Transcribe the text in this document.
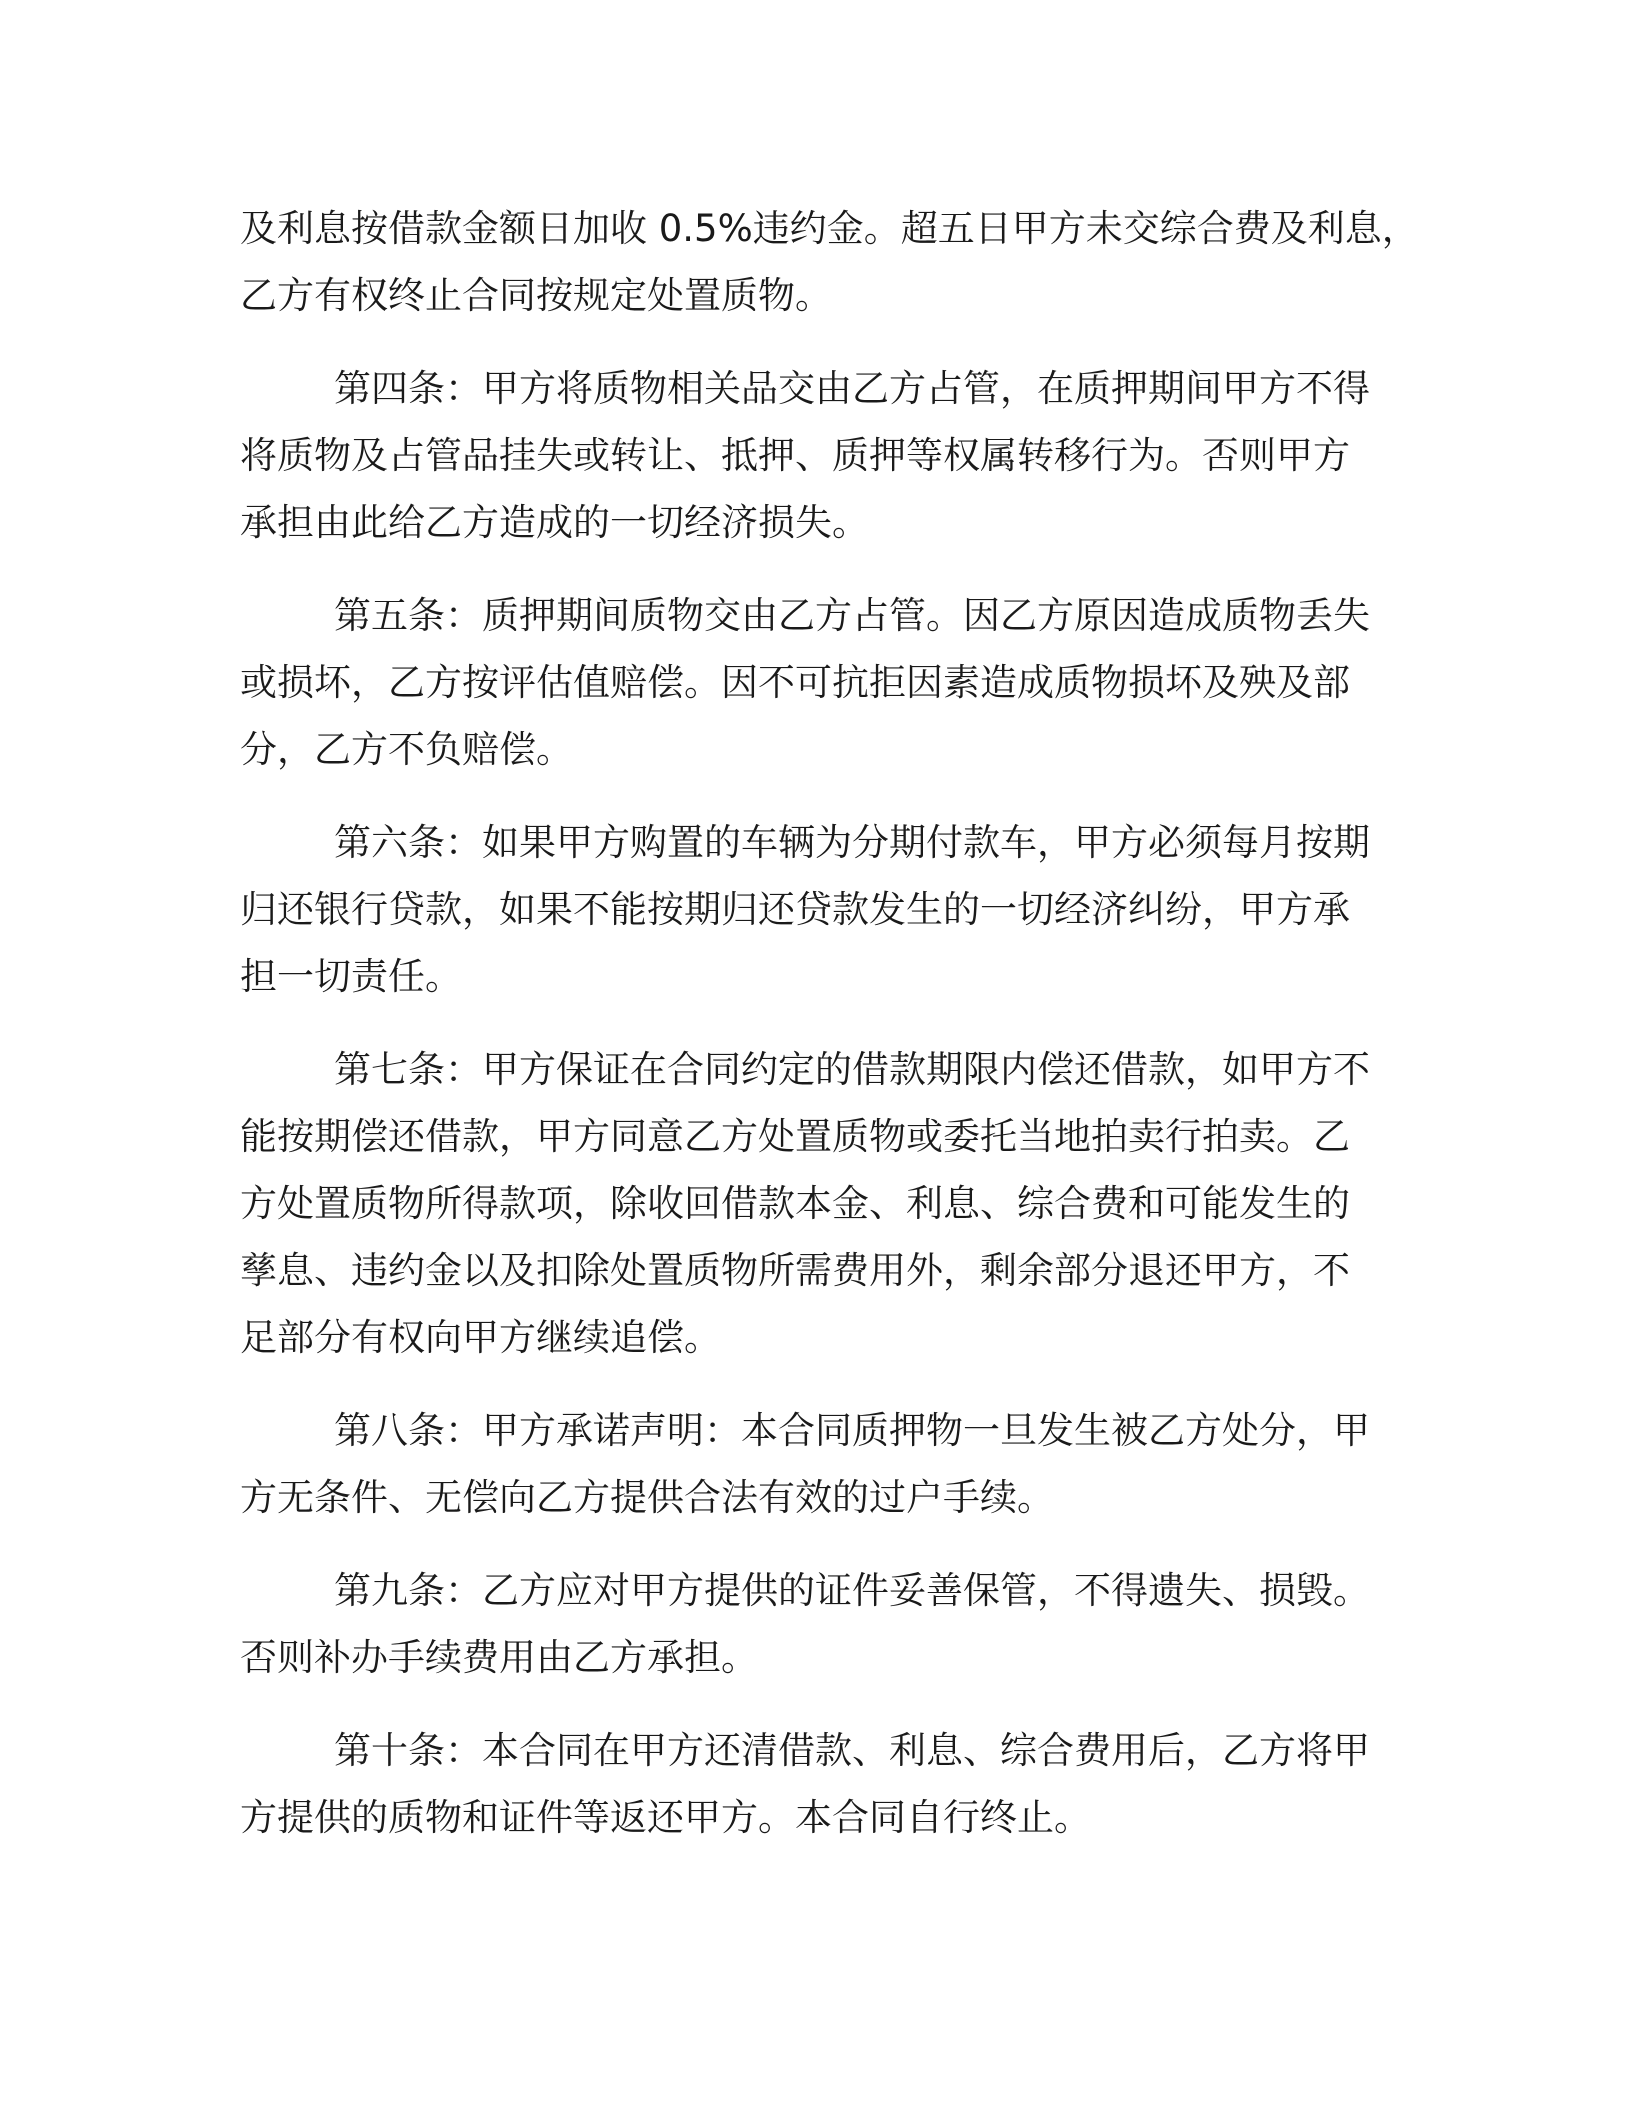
及利息按借款金额日加收 0.5%违约金。超五日甲方未交综合费及利息，
乙方有权终止合同按规定处置质物。

第四条：甲方将质物相关品交由乙方占管，在质押期间甲方不得
将质物及占管品挂失或转让、抵押、质押等权属转移行为。否则甲方
承担由此给乙方造成的一切经济损失。

第五条：质押期间质物交由乙方占管。因乙方原因造成质物丢失
或损坏，乙方按评估值赔偿。因不可抗拒因素造成质物损坏及殃及部
分，乙方不负赔偿。

第六条：如果甲方购置的车辆为分期付款车，甲方必须每月按期
归还银行贷款，如果不能按期归还贷款发生的一切经济纠纷，甲方承
担一切责任。

第七条：甲方保证在合同约定的借款期限内偿还借款，如甲方不
能按期偿还借款，甲方同意乙方处置质物或委托当地拍卖行拍卖。乙
方处置质物所得款项，除收回借款本金、利息、综合费和可能发生的
孳息、违约金以及扣除处置质物所需费用外，剩余部分退还甲方，不
足部分有权向甲方继续追偿。

第八条：甲方承诺声明：本合同质押物一旦发生被乙方处分，甲
方无条件、无偿向乙方提供合法有效的过户手续。

第九条：乙方应对甲方提供的证件妥善保管，不得遗失、损毁。
否则补办手续费用由乙方承担。

第十条：本合同在甲方还清借款、利息、综合费用后，乙方将甲
方提供的质物和证件等返还甲方。本合同自行终止。
